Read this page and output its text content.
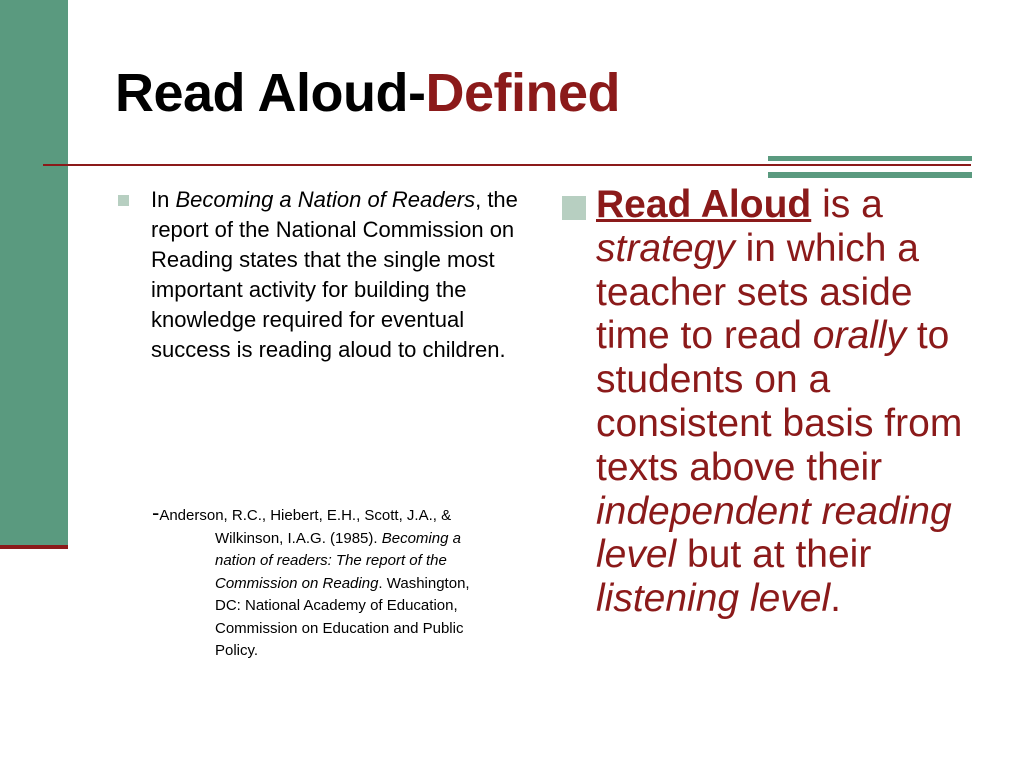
Read Aloud-Defined
In Becoming a Nation of Readers, the report of the National Commission on Reading states that the single most important activity for building the knowledge required for eventual success is reading aloud to children.
-Anderson, R.C., Hiebert, E.H., Scott, J.A., &
Wilkinson, I.A.G. (1985). Becoming a
nation of readers: The report of the
Commission on Reading. Washington,
DC: National Academy of Education,
Commission on Education and Public
Policy.
Read Aloud is a strategy in which a teacher sets aside time to read orally to students on a consistent basis from texts above their independent reading level but at their listening level.
